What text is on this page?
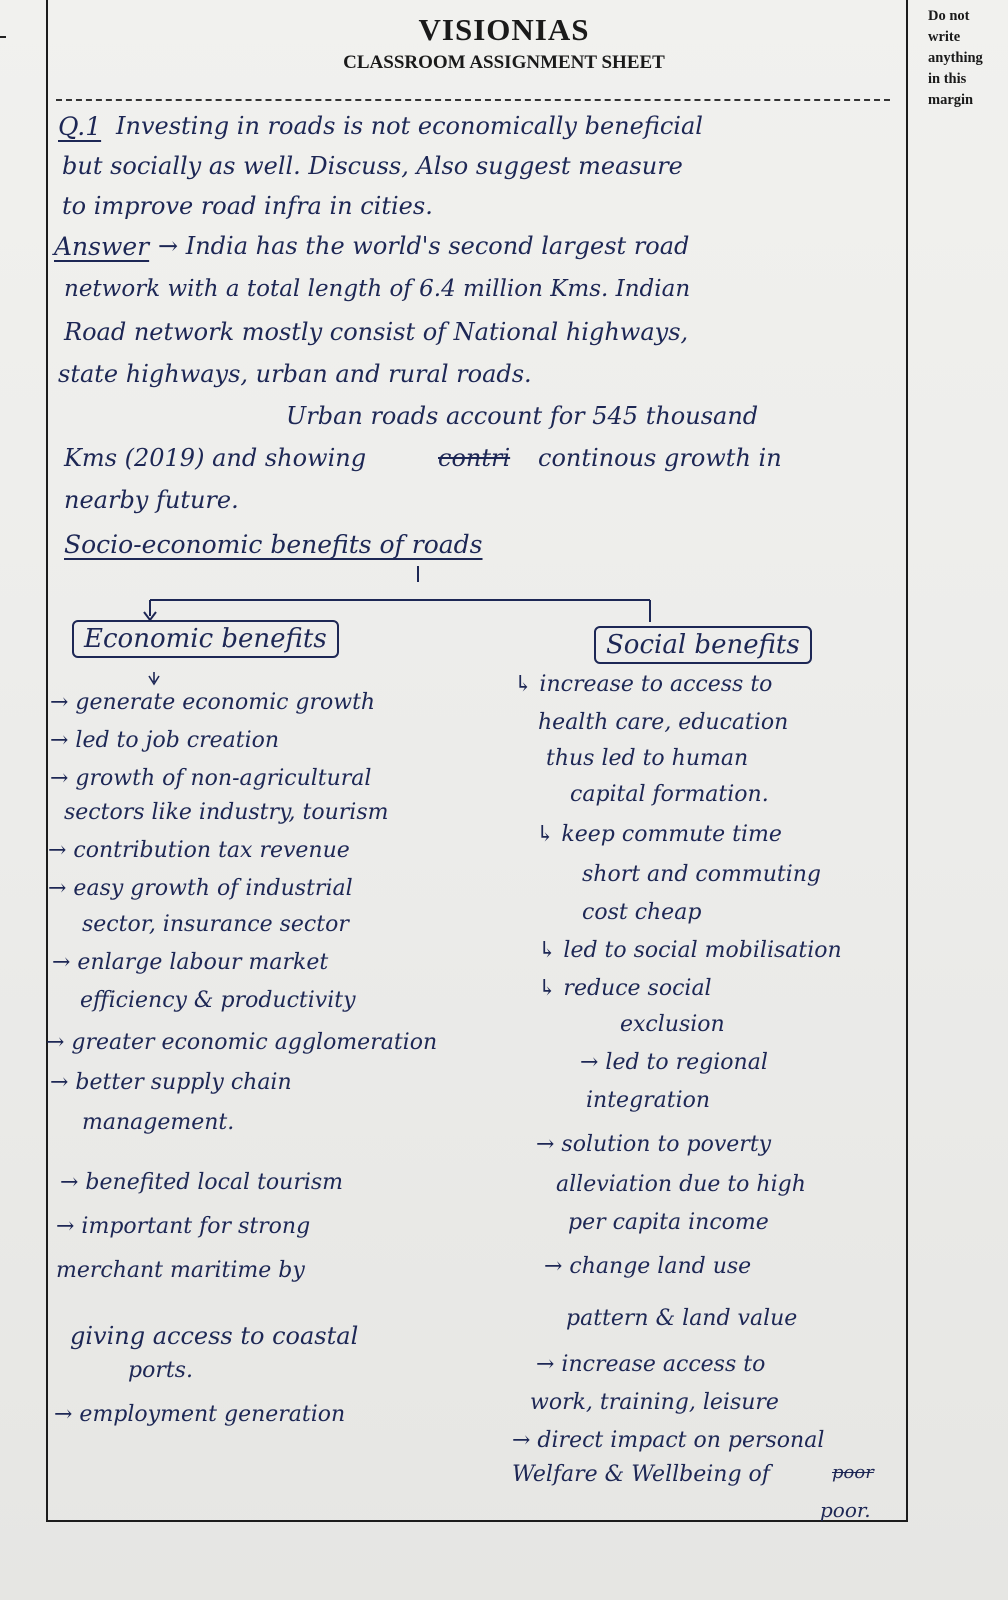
VISIONIAS
CLASSROOM ASSIGNMENT SHEET
Do not
write
anything
in this
margin
Q.1 Investing in roads is not economically beneficial
but socially as well. Discuss, Also suggest measure
to improve road infra in cities.
Answer → India has the world's second largest road
network with a total length of 6.4 million Kms. Indian
Road network mostly consist of National highways,
state highways, urban and rural roads.
Urban roads account for 545 thousand
Kms (2019) and showing	contri continous growth in
nearby future.
Socio-economic benefits of roads
Economic benefits	Social benefits
→ generate economic growth
→ led to job creation
→ growth of non-agricultural
sectors like industry, tourism
→ contribution tax revenue
→ easy growth of industrial
sector, insurance sector
→ enlarge labour market
efficiency & productivity
→ greater economic agglomeration
→ better supply chain
management.
→ benefited local tourism
→ important for strong
merchant maritime by
giving access to coastal
ports.
→ employment generation
↳ increase to access to
health care, education
thus led to human
capital formation.
↳ keep commute time
short and commuting
cost cheap
↳ led to social mobilisation
↳ reduce social
exclusion
→ led to regional
integration
→ solution to poverty
alleviation due to high
per capita income
→ change land use
pattern & land value
→ increase access to
work, training, leisure
→ direct impact on personal
Welfare & Wellbeing of	poor
poor.
